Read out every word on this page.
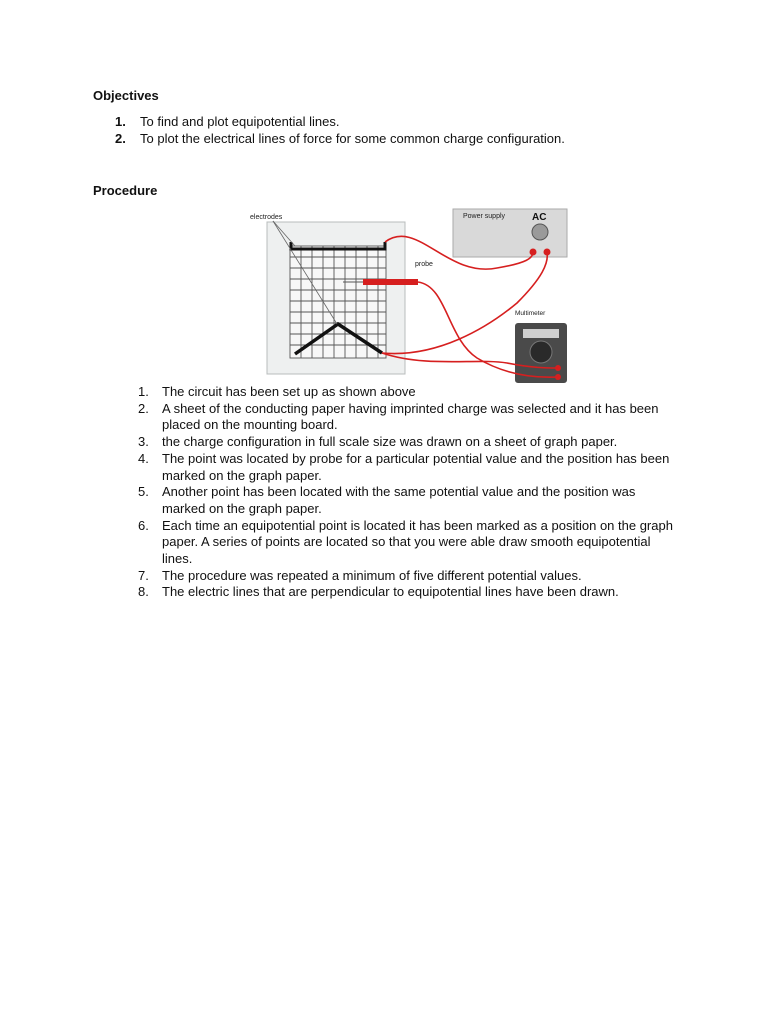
Objectives
1. To find and plot equipotential lines.
2. To plot the electrical lines of force for some common charge configuration.
Procedure
electrodes
probe
Power supply	AC
Multimeter
1.	The circuit has been set up as shown above
2.	A sheet of the conducting paper having imprinted charge was selected and it has been placed on the mounting board.
3.	the charge configuration in full scale size was drawn on a sheet of graph paper.
4.	The point was located by probe for a particular potential value and the position has been marked on the graph paper.
5.	Another point has been located with the same potential value and the position was marked on the graph paper.
6.	Each time an equipotential point is located it has been marked as a position on the graph paper. A series of points are located so that you were able draw smooth equipotential lines.
7.	The procedure was repeated a minimum of five different potential values.
8.	The electric lines that are perpendicular to equipotential lines have been drawn.
